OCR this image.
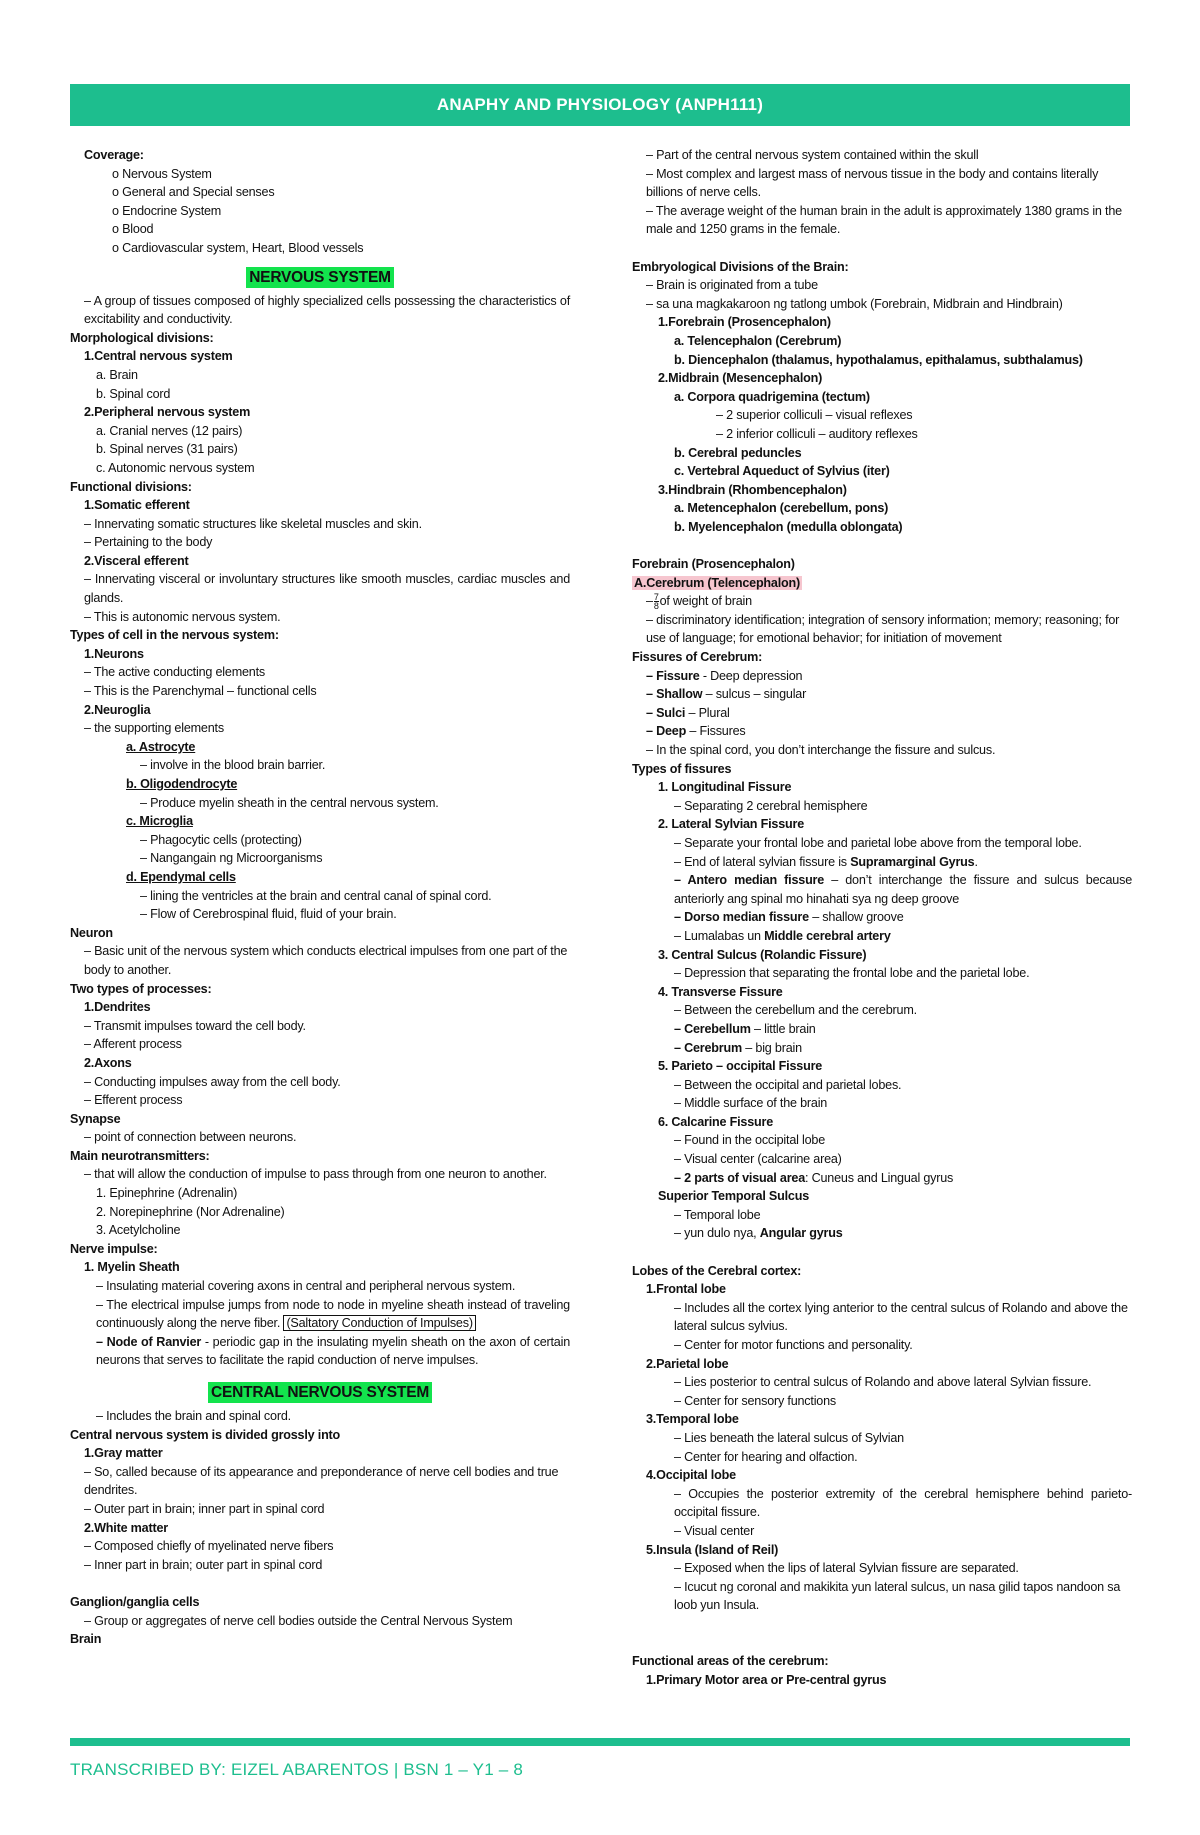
ANAPHY AND PHYSIOLOGY (ANPH111)
Coverage:
o Nervous System
o General and Special senses
o Endocrine System
o Blood
o Cardiovascular system, Heart, Blood vessels
NERVOUS SYSTEM
– A group of tissues composed of highly specialized cells possessing the characteristics of excitability and conductivity.
Morphological divisions:
1.Central nervous system
a. Brain
b. Spinal cord
2.Peripheral nervous system
a. Cranial nerves (12 pairs)
b. Spinal nerves (31 pairs)
c. Autonomic nervous system
Functional divisions:
1.Somatic efferent
– Innervating somatic structures like skeletal muscles and skin.
– Pertaining to the body
2.Visceral efferent
– Innervating visceral or involuntary structures like smooth muscles, cardiac muscles and glands.
– This is autonomic nervous system.
Types of cell in the nervous system:
1.Neurons
– The active conducting elements
– This is the Parenchymal – functional cells
2.Neuroglia
– the supporting elements
a. Astrocyte
– involve in the blood brain barrier.
b. Oligodendrocyte
– Produce myelin sheath in the central nervous system.
c. Microglia
– Phagocytic cells (protecting)
– Nangangain ng Microorganisms
d. Ependymal cells
– lining the ventricles at the brain and central canal of spinal cord.
– Flow of Cerebrospinal fluid, fluid of your brain.
Neuron
– Basic unit of the nervous system which conducts electrical impulses from one part of the body to another.
Two types of processes:
1.Dendrites
– Transmit impulses toward the cell body.
– Afferent process
2.Axons
– Conducting impulses away from the cell body.
– Efferent process
Synapse
– point of connection between neurons.
Main neurotransmitters:
– that will allow the conduction of impulse to pass through from one neuron to another.
1. Epinephrine (Adrenalin)
2. Norepinephrine (Nor Adrenaline)
3. Acetylcholine
Nerve impulse:
1. Myelin Sheath
– Insulating material covering axons in central and peripheral nervous system.
– The electrical impulse jumps from node to node in myeline sheath instead of traveling continuously along the nerve fiber. (Saltatory Conduction of Impulses)
– Node of Ranvier - periodic gap in the insulating myelin sheath on the axon of certain neurons that serves to facilitate the rapid conduction of nerve impulses.
CENTRAL NERVOUS SYSTEM
– Includes the brain and spinal cord.
Central nervous system is divided grossly into
1.Gray matter
– So, called because of its appearance and preponderance of nerve cell bodies and true dendrites.
– Outer part in brain; inner part in spinal cord
2.White matter
– Composed chiefly of myelinated nerve fibers
– Inner part in brain; outer part in spinal cord
Ganglion/ganglia cells
– Group or aggregates of nerve cell bodies outside the Central Nervous System
Brain
– Part of the central nervous system contained within the skull
– Most complex and largest mass of nervous tissue in the body and contains literally billions of nerve cells.
– The average weight of the human brain in the adult is approximately 1380 grams in the male and 1250 grams in the female.
Embryological Divisions of the Brain:
– Brain is originated from a tube
– sa una magkakaroon ng tatlong umbok (Forebrain, Midbrain and Hindbrain)
1.Forebrain (Prosencephalon)
a. Telencephalon (Cerebrum)
b. Diencephalon (thalamus, hypothalamus, epithalamus, subthalamus)
2.Midbrain (Mesencephalon)
a. Corpora quadrigemina (tectum)
– 2 superior colliculi – visual reflexes
– 2 inferior colliculi – auditory reflexes
b. Cerebral peduncles
c. Vertebral Aqueduct of Sylvius (iter)
3.Hindbrain (Rhombencephalon)
a. Metencephalon (cerebellum, pons)
b. Myelencephalon (medulla oblongata)
Forebrain (Prosencephalon)
A.Cerebrum (Telencephalon)
– $\frac{7}{8}$ of weight of brain
– discriminatory identification; integration of sensory information; memory; reasoning; for use of language; for emotional behavior; for initiation of movement
Fissures of Cerebrum:
– Fissure - Deep depression
– Shallow – sulcus – singular
– Sulci – Plural
– Deep – Fissures
– In the spinal cord, you don’t interchange the fissure and sulcus.
Types of fissures
1. Longitudinal Fissure
– Separating 2 cerebral hemisphere
2. Lateral Sylvian Fissure
– Separate your frontal lobe and parietal lobe above from the temporal lobe.
– End of lateral sylvian fissure is Supramarginal Gyrus.
– Antero median fissure – don’t interchange the fissure and sulcus because anteriorly ang spinal mo hinahati sya ng deep groove
– Dorso median fissure – shallow groove
– Lumalabas un Middle cerebral artery
3. Central Sulcus (Rolandic Fissure)
– Depression that separating the frontal lobe and the parietal lobe.
4. Transverse Fissure
– Between the cerebellum and the cerebrum.
– Cerebellum – little brain
– Cerebrum – big brain
5. Parieto – occipital Fissure
– Between the occipital and parietal lobes.
– Middle surface of the brain
6. Calcarine Fissure
– Found in the occipital lobe
– Visual center (calcarine area)
– 2 parts of visual area: Cuneus and Lingual gyrus
Superior Temporal Sulcus
– Temporal lobe
– yun dulo nya, Angular gyrus
Lobes of the Cerebral cortex:
1.Frontal lobe
– Includes all the cortex lying anterior to the central sulcus of Rolando and above the lateral sulcus sylvius.
– Center for motor functions and personality.
2.Parietal lobe
– Lies posterior to central sulcus of Rolando and above lateral Sylvian fissure.
– Center for sensory functions
3.Temporal lobe
– Lies beneath the lateral sulcus of Sylvian
– Center for hearing and olfaction.
4.Occipital lobe
– Occupies the posterior extremity of the cerebral hemisphere behind parieto-occipital fissure.
– Visual center
5.Insula (Island of Reil)
– Exposed when the lips of lateral Sylvian fissure are separated.
– Icucut ng coronal and makikita yun lateral sulcus, un nasa gilid tapos nandoon sa loob yun Insula.
Functional areas of the cerebrum:
1.Primary Motor area or Pre-central gyrus
TRANSCRIBED BY: EIZEL ABARENTOS | BSN 1 – Y1 – 8
